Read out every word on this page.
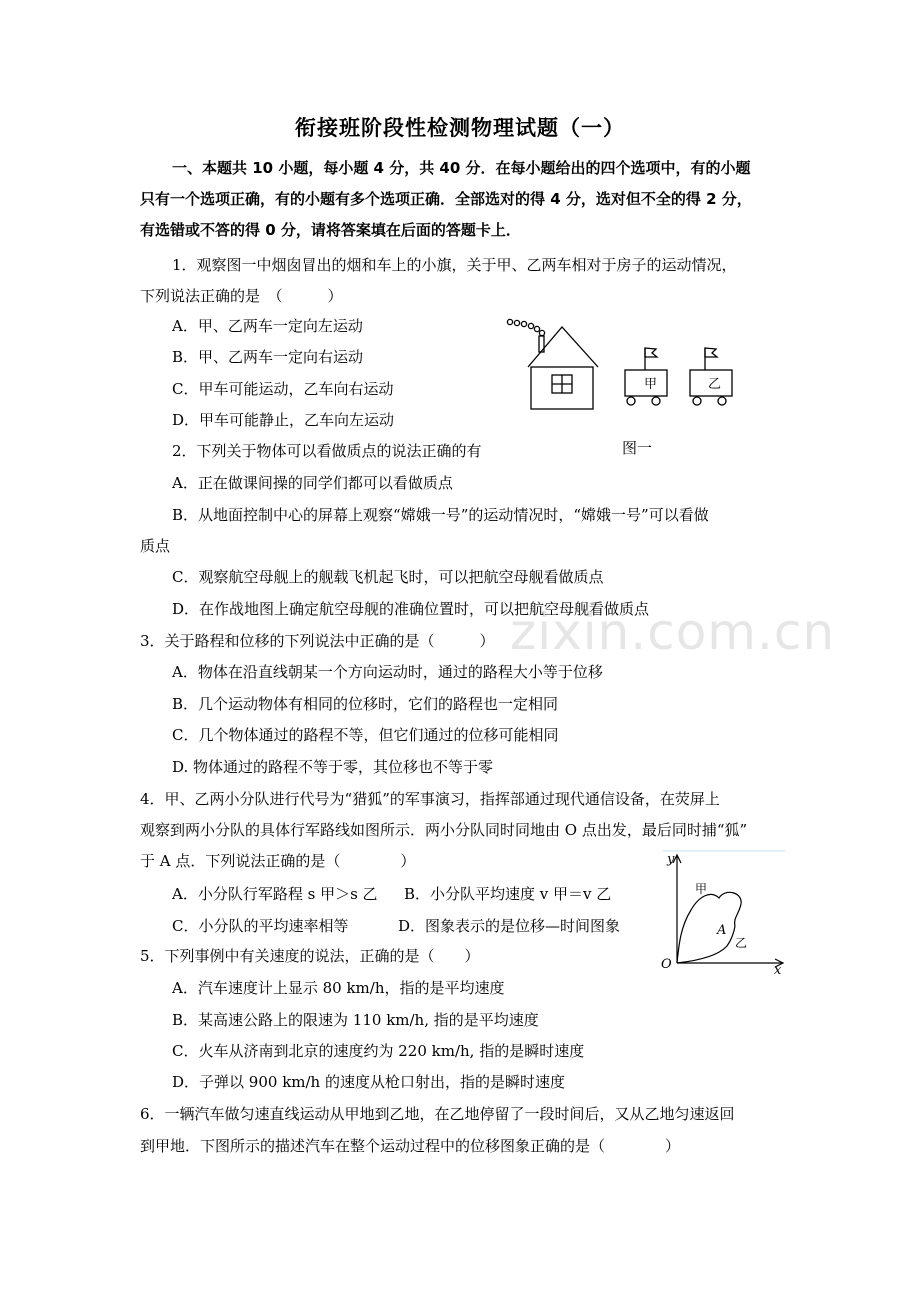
zixin.com.cn
衔接班阶段性检测物理试题（一）
一、本题共 10 小题，每小题 4 分，共 40 分．在每小题给出的四个选项中，有的小题
只有一个选项正确，有的小题有多个选项正确．全部选对的得 4 分，选对但不全的得 2 分，
有选错或不答的得 0 分，请将答案填在后面的答题卡上．
1．观察图一中烟囱冒出的烟和车上的小旗，关于甲、乙两车相对于房子的运动情况，
下列说法正确的是　（　　　）
A．甲、乙两车一定向左运动
B．甲、乙两车一定向右运动
C．甲车可能运动，乙车向右运动
D．甲车可能静止，乙车向左运动
甲	乙
图一
2．下列关于物体可以看做质点的说法正确的有
A．正在做课间操的同学们都可以看做质点
B．从地面控制中心的屏幕上观察“嫦娥一号”的运动情况时，“嫦娥一号”可以看做
质点
C．观察航空母舰上的舰载飞机起飞时，可以把航空母舰看做质点
D．在作战地图上确定航空母舰的准确位置时，可以把航空母舰看做质点
3．关于路程和位移的下列说法中正确的是（　　　）
A．物体在沿直线朝某一个方向运动时，通过的路程大小等于位移
B．几个运动物体有相同的位移时，它们的路程也一定相同
C．几个物体通过的路程不等，但它们通过的位移可能相同
D. 物体通过的路程不等于零，其位移也不等于零
4．甲、乙两小分队进行代号为“猎狐”的军事演习，指挥部通过现代通信设备，在荧屏上
观察到两小分队的具体行军路线如图所示．两小分队同时同地由 O 点出发，最后同时捕“狐”
于 A 点．下列说法正确的是（　　　　）
A．小分队行军路程 s 甲＞s 乙 B．小分队平均速度 v 甲＝v 乙
C．小分队的平均速率相等	D．图象表示的是位移—时间图象
y
x
O
A
甲
乙
5．下列事例中有关速度的说法，正确的是（　　）
A．汽车速度计上显示 80 km/h，指的是平均速度
B．某高速公路上的限速为 110 km/h, 指的是平均速度
C．火车从济南到北京的速度约为 220 km/h, 指的是瞬时速度
D．子弹以 900 km/h 的速度从枪口射出，指的是瞬时速度
6．一辆汽车做匀速直线运动从甲地到乙地，在乙地停留了一段时间后，又从乙地匀速返回
到甲地．下图所示的描述汽车在整个运动过程中的位移图象正确的是（　　　　）
